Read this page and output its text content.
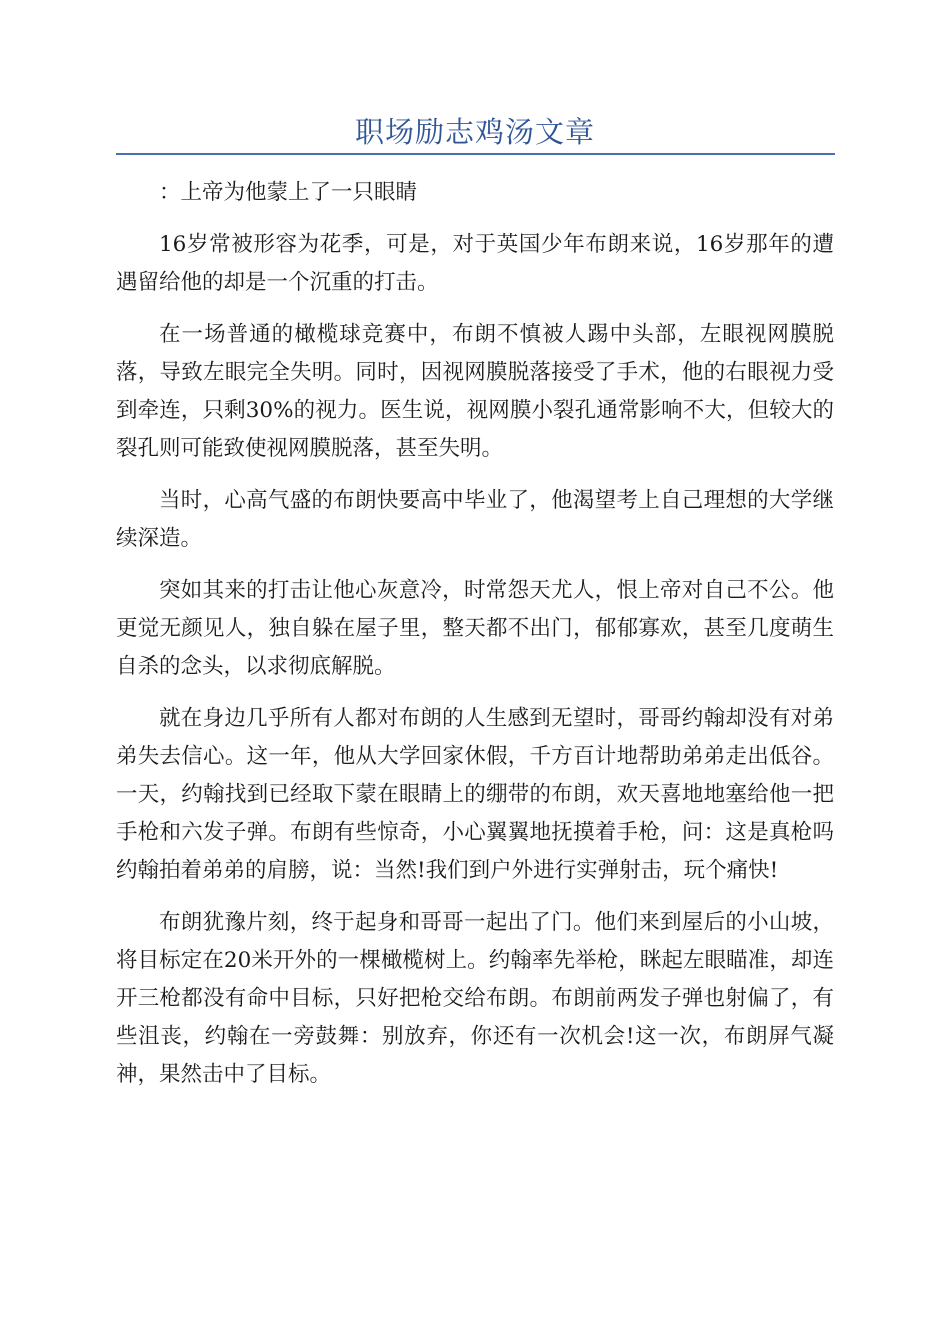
职场励志鸡汤文章

：上帝为他蒙上了一只眼睛

16岁常被形容为花季，可是，对于英国少年布朗来说，16岁那年的遭遇留给他的却是一个沉重的打击。

在一场普通的橄榄球竞赛中，布朗不慎被人踢中头部，左眼视网膜脱落，导致左眼完全失明。同时，因视网膜脱落接受了手术，他的右眼视力受到牵连，只剩30%的视力。医生说，视网膜小裂孔通常影响不大，但较大的裂孔则可能致使视网膜脱落，甚至失明。

当时，心高气盛的布朗快要高中毕业了，他渴望考上自己理想的大学继续深造。

突如其来的打击让他心灰意冷，时常怨天尤人，恨上帝对自己不公。他更觉无颜见人，独自躲在屋子里，整天都不出门，郁郁寡欢，甚至几度萌生自杀的念头，以求彻底解脱。

就在身边几乎所有人都对布朗的人生感到无望时，哥哥约翰却没有对弟弟失去信心。这一年，他从大学回家休假，千方百计地帮助弟弟走出低谷。一天，约翰找到已经取下蒙在眼睛上的绷带的布朗，欢天喜地地塞给他一把手枪和六发子弹。布朗有些惊奇，小心翼翼地抚摸着手枪，问：这是真枪吗约翰拍着弟弟的肩膀，说：当然!我们到户外进行实弹射击，玩个痛快!

布朗犹豫片刻，终于起身和哥哥一起出了门。他们来到屋后的小山坡，将目标定在20米开外的一棵橄榄树上。约翰率先举枪，眯起左眼瞄准，却连开三枪都没有命中目标，只好把枪交给布朗。布朗前两发子弹也射偏了，有些沮丧，约翰在一旁鼓舞：别放弃，你还有一次机会!这一次，布朗屏气凝神，果然击中了目标。
